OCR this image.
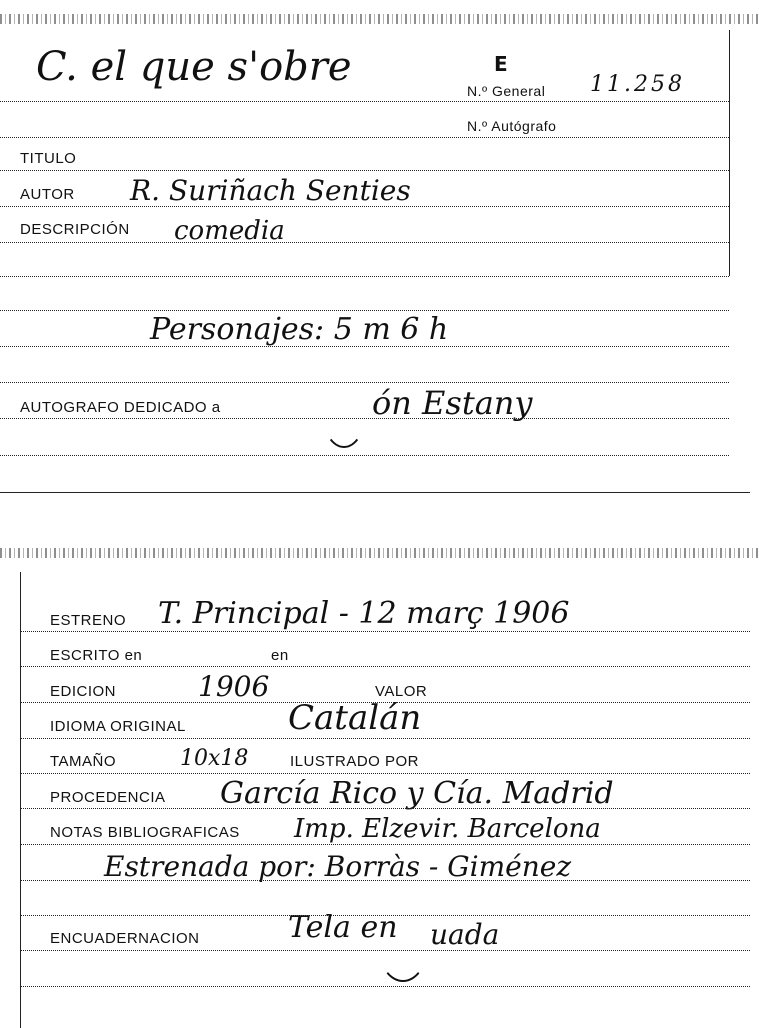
C. el que s'obre	E
N.º General 11.258
N.º Autógrafo
TITULO
AUTOR R. Suriñach Senties
DESCRIPCIÓN comedia
Personajes: 5 m 6 h
AUTOGRAFO DEDICADO a	ón Estany
ESTRENO T. Principal - 12 març 1906
ESCRITO en	en
EDICION	1906	VALOR
IDIOMA ORIGINAL	Catalán
TAMAÑO	10x18	ILUSTRADO POR
PROCEDENCIA García Rico y Cía. Madrid
NOTAS BIBLIOGRAFICAS Imp. Elzevir. Barcelona
Estrenada por: Borràs - Giménez
ENCUADERNACION	Tela en uada
